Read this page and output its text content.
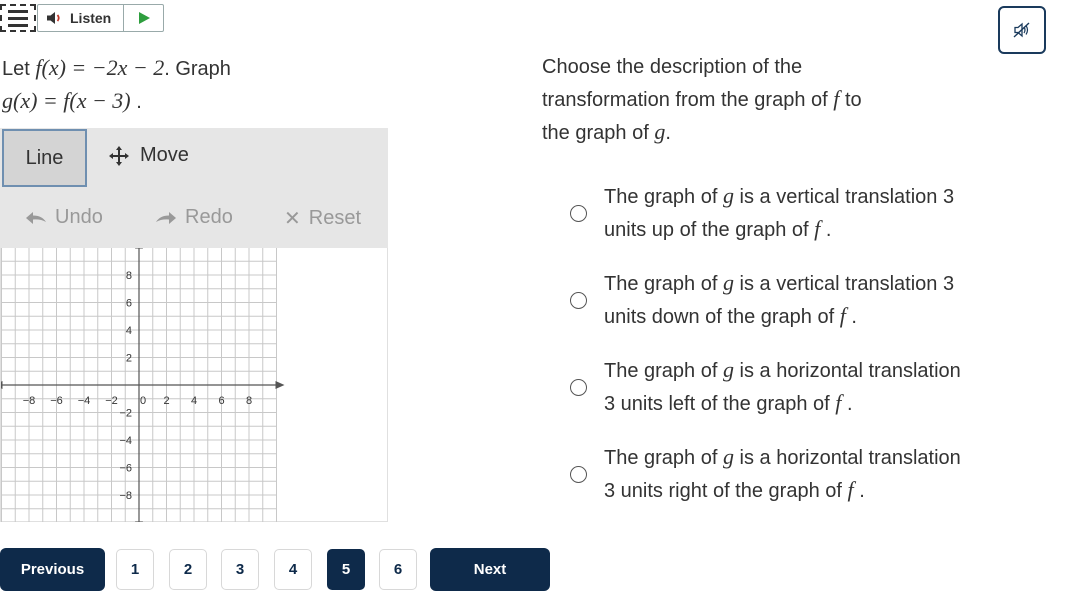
Listen
Let f(x) = −2x − 2. Graph
g(x) = f(x − 3) .
Choose the description of the
transformation from the graph of f to
the graph of g.
Line	Move
Undo	Redo	✕ Reset
−8 −6 −4 −2 0 2 4 6 8
8
6
4
2
−2
−4
−6
−8
The graph of g is a vertical translation 3
units up of the graph of f .
The graph of g is a vertical translation 3
units down of the graph of f .
The graph of g is a horizontal translation
3 units left of the graph of f .
The graph of g is a horizontal translation
3 units right of the graph of f .
Previous	1	2	3	4	5	6	Next
